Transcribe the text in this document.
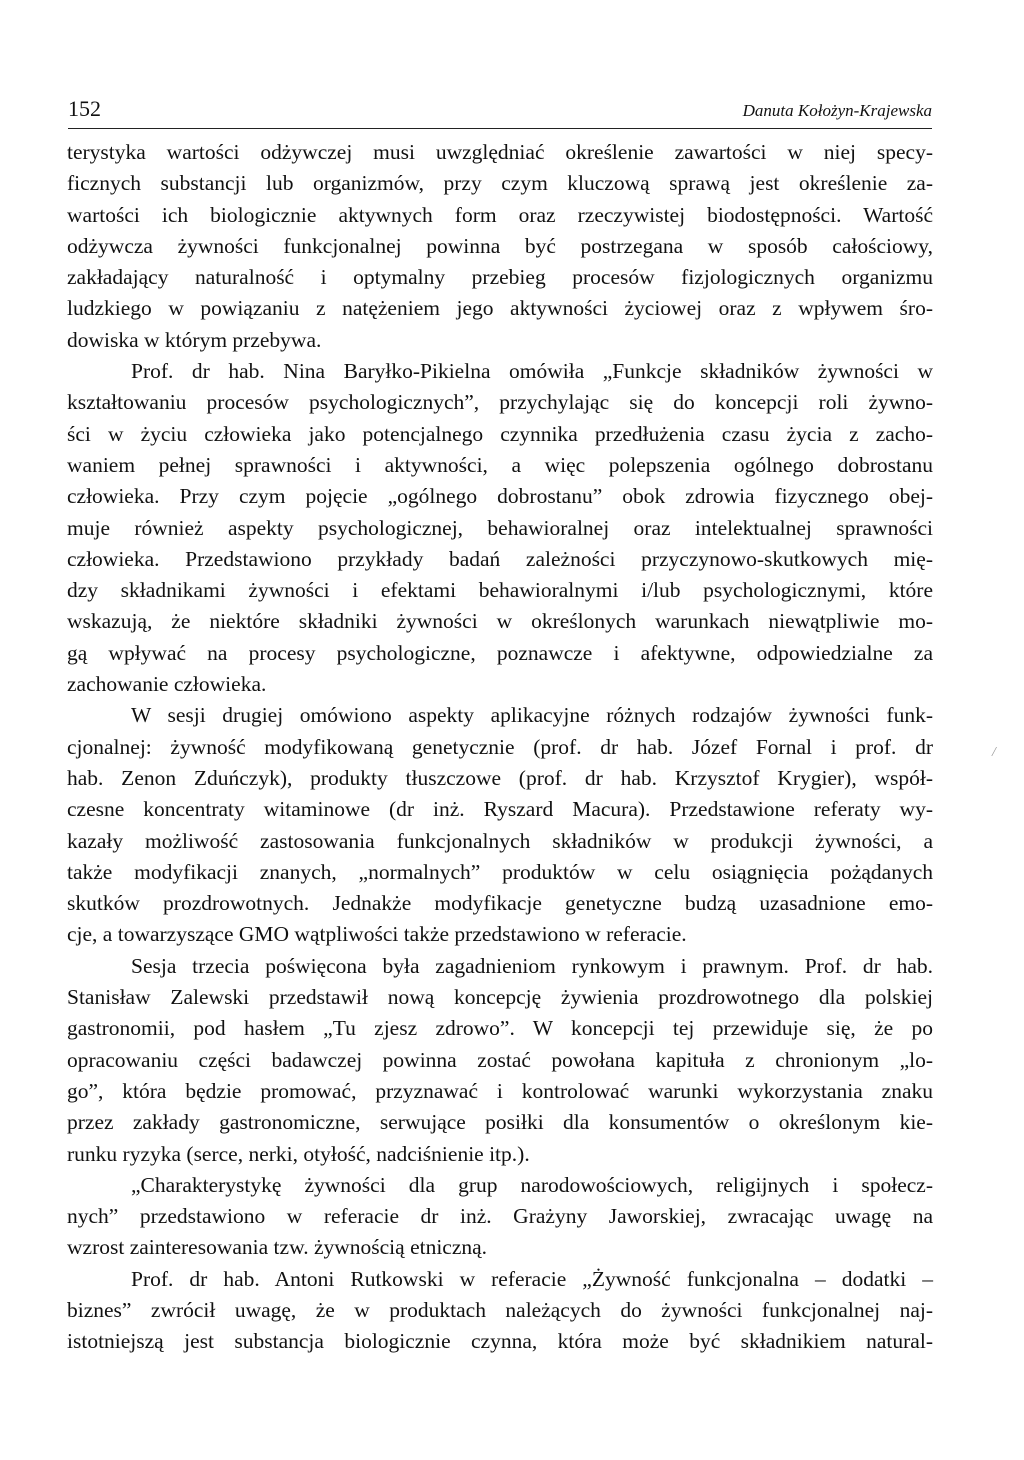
152	Danuta Kołożyn-Krajewska
/
terystyka wartości odżywczej musi uwzględniać określenie zawartości w niej specy-
ficznych substancji lub organizmów, przy czym kluczową sprawą jest określenie za-
wartości ich biologicznie aktywnych form oraz rzeczywistej biodostępności. Wartość
odżywcza żywności funkcjonalnej powinna być postrzegana w sposób całościowy,
zakładający naturalność i optymalny przebieg procesów fizjologicznych organizmu
ludzkiego w powiązaniu z natężeniem jego aktywności życiowej oraz z wpływem śro-
dowiska w którym przebywa.
Prof. dr hab. Nina Baryłko-Pikielna omówiła „Funkcje składników żywności w
kształtowaniu procesów psychologicznych”, przychylając się do koncepcji roli żywno-
ści w życiu człowieka jako potencjalnego czynnika przedłużenia czasu życia z zacho-
waniem pełnej sprawności i aktywności, a więc polepszenia ogólnego dobrostanu
człowieka. Przy czym pojęcie „ogólnego dobrostanu” obok zdrowia fizycznego obej-
muje również aspekty psychologicznej, behawioralnej oraz intelektualnej sprawności
człowieka. Przedstawiono przykłady badań zależności przyczynowo-skutkowych mię-
dzy składnikami żywności i efektami behawioralnymi i/lub psychologicznymi, które
wskazują, że niektóre składniki żywności w określonych warunkach niewątpliwie mo-
gą wpływać na procesy psychologiczne, poznawcze i afektywne, odpowiedzialne za
zachowanie człowieka.
W sesji drugiej omówiono aspekty aplikacyjne różnych rodzajów żywności funk-
cjonalnej: żywność modyfikowaną genetycznie (prof. dr hab. Józef Fornal i prof. dr
hab. Zenon Zduńczyk), produkty tłuszczowe (prof. dr hab. Krzysztof Krygier), współ-
czesne koncentraty witaminowe (dr inż. Ryszard Macura). Przedstawione referaty wy-
kazały możliwość zastosowania funkcjonalnych składników w produkcji żywności, a
także modyfikacji znanych, „normalnych” produktów w celu osiągnięcia pożądanych
skutków prozdrowotnych. Jednakże modyfikacje genetyczne budzą uzasadnione emo-
cje, a towarzyszące GMO wątpliwości także przedstawiono w referacie.
Sesja trzecia poświęcona była zagadnieniom rynkowym i prawnym. Prof. dr hab.
Stanisław Zalewski przedstawił nową koncepcję żywienia prozdrowotnego dla polskiej
gastronomii, pod hasłem „Tu zjesz zdrowo”. W koncepcji tej przewiduje się, że po
opracowaniu części badawczej powinna zostać powołana kapituła z chronionym „lo-
go”, która będzie promować, przyznawać i kontrolować warunki wykorzystania znaku
przez zakłady gastronomiczne, serwujące posiłki dla konsumentów o określonym kie-
runku ryzyka (serce, nerki, otyłość, nadciśnienie itp.).
„Charakterystykę żywności dla grup narodowościowych, religijnych i społecz-
nych” przedstawiono w referacie dr inż. Grażyny Jaworskiej, zwracając uwagę na
wzrost zainteresowania tzw. żywnością etniczną.
Prof. dr hab. Antoni Rutkowski w referacie „Żywność funkcjonalna – dodatki –
biznes” zwrócił uwagę, że w produktach należących do żywności funkcjonalnej naj-
istotniejszą jest substancja biologicznie czynna, która może być składnikiem natural-
